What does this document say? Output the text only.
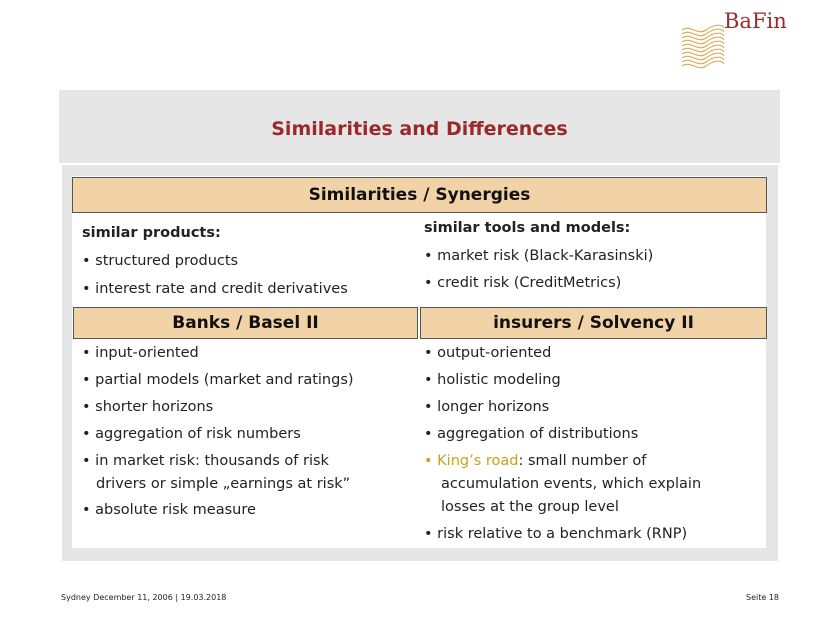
BaFin
Similarities and Differences
Similarities / Synergies
similar products:
• structured products
• interest rate and credit derivatives
similar tools and models:
• market risk (Black-Karasinski)
• credit risk (CreditMetrics)
Banks / Basel II	insurers / Solvency II
• input-oriented
• partial models (market and ratings)
• shorter horizons
• aggregation of risk numbers
• in market risk: thousands of risk
drivers or simple „earnings at risk”
• absolute risk measure
• output-oriented
• holistic modeling
• longer horizons
• aggregation of distributions
• King’s road: small number of
accumulation events, which explain
losses at the group level
• risk relative to a benchmark (RNP)
Sydney December 11, 2006 | 19.03.2018	Seite 18
